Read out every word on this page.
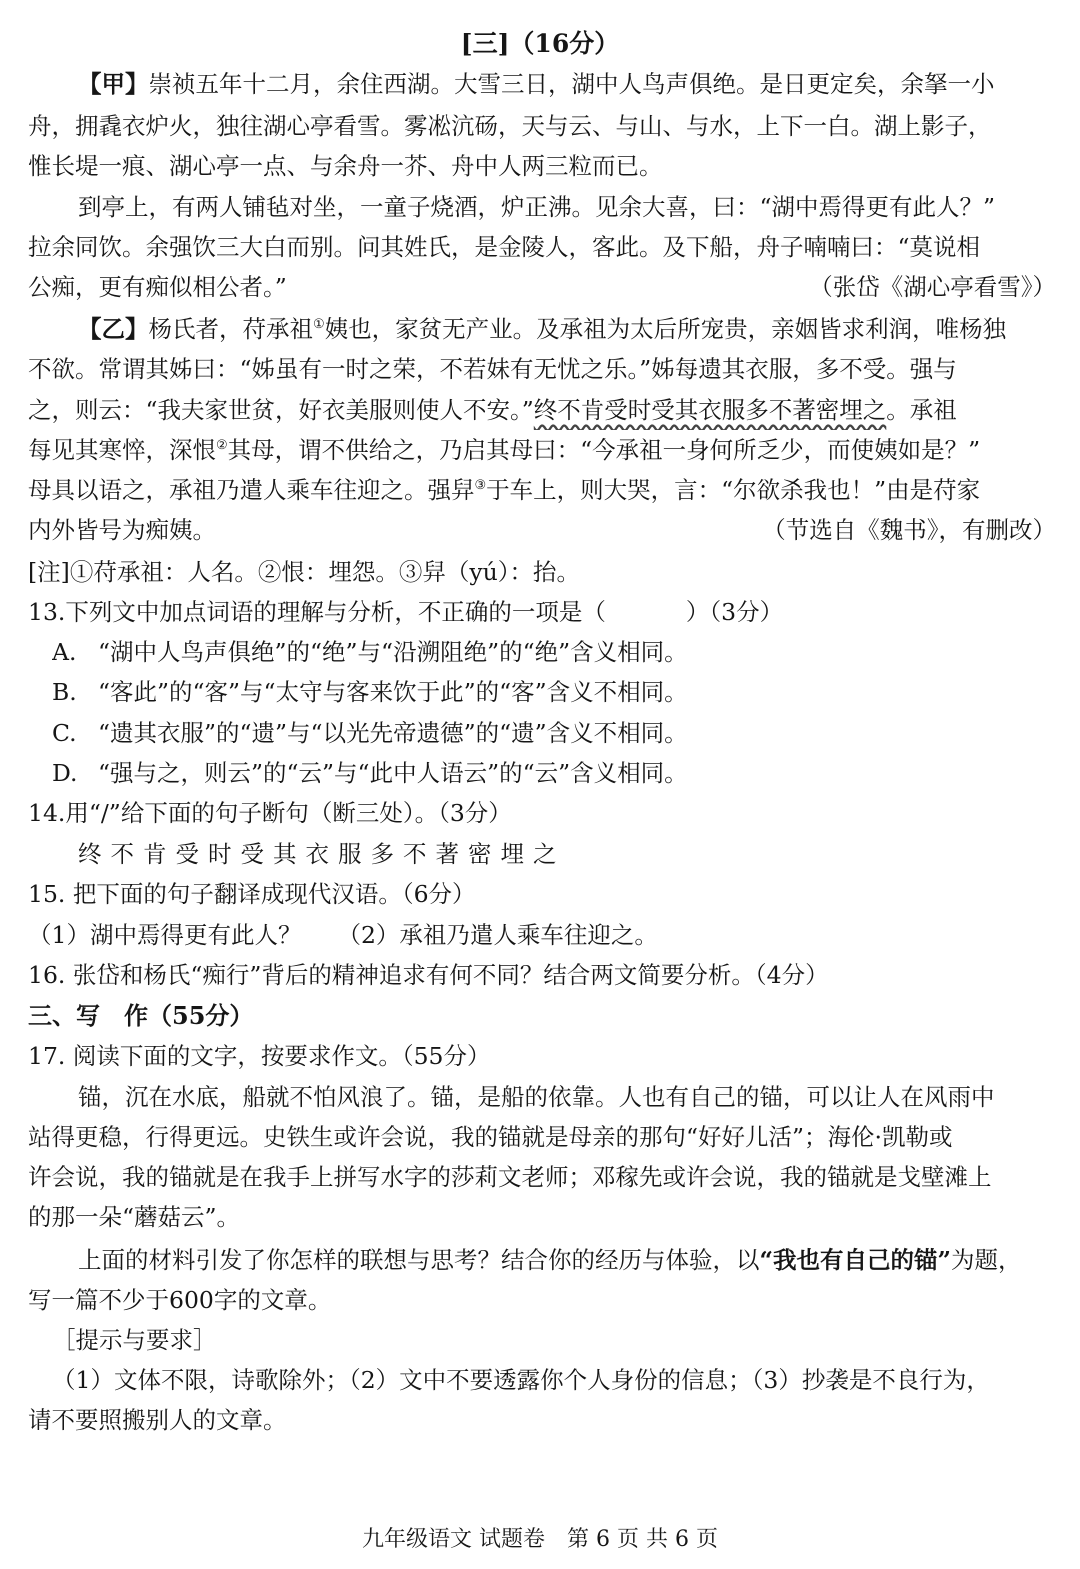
[三]（16分）
【甲】崇祯五年十二月，余住西湖。大雪三日，湖中人鸟声俱绝。是日更定矣，余拏一小
舟，拥毳衣炉火，独往湖心亭看雪。雾凇沆砀，天与云、与山、与水，上下一白。湖上影子，
惟长堤一痕、湖心亭一点、与余舟一芥、舟中人两三粒而已。
到亭上，有两人铺毡对坐，一童子烧酒，炉正沸。见余大喜，曰：“湖中焉得更有此人？”
拉余同饮。余强饮三大白而别。问其姓氏，是金陵人，客此。及下船，舟子喃喃曰：“莫说相
公痴，更有痴似相公者。”	（张岱《湖心亭看雪》）
【乙】杨氏者，苻承祖①姨也，家贫无产业。及承祖为太后所宠贵，亲姻皆求利润，唯杨独
不欲。常谓其姊曰：“姊虽有一时之荣，不若妹有无忧之乐。”姊每遗其衣服，多不受。强与
之，则云：“我夫家世贫，好衣美服则使人不安。”终不肯受时受其衣服多不著密埋之。承祖
每见其寒悴，深恨②其母，谓不供给之，乃启其母曰：“今承祖一身何所乏少，而使姨如是？”
母具以语之，承祖乃遣人乘车往迎之。强舁③于车上，则大哭，言：“尔欲杀我也！”由是苻家
内外皆号为痴姨。	（节选自《魏书》，有删改）
[注]①苻承祖：人名。②恨：埋怨。③舁（yú）：抬。
13.下列文中加点词语的理解与分析，不正确的一项是（	）（3分）
A. “湖中人鸟声俱绝”的“绝”与“沿溯阻绝”的“绝”含义相同。
B. “客此”的“客”与“太守与客来饮于此”的“客”含义不相同。
C. “遗其衣服”的“遗”与“以光先帝遗德”的“遗”含义不相同。
D. “强与之，则云”的“云”与“此中人语云”的“云”含义相同。
14.用“/”给下面的句子断句（断三处）。（3分）
终不肯受时受其衣服多不著密埋之
15. 把下面的句子翻译成现代汉语。（6分）
（1）湖中焉得更有此人？ （2）承祖乃遣人乘车往迎之。
16. 张岱和杨氏“痴行”背后的精神追求有何不同？结合两文简要分析。（4分）
三、写　作（55分）
17. 阅读下面的文字，按要求作文。（55分）
锚，沉在水底，船就不怕风浪了。锚，是船的依靠。人也有自己的锚，可以让人在风雨中
站得更稳，行得更远。史铁生或许会说，我的锚就是母亲的那句“好好儿活”；海伦·凯勒或
许会说，我的锚就是在我手上拼写水字的莎莉文老师；邓稼先或许会说，我的锚就是戈壁滩上
的那一朵“蘑菇云”。
上面的材料引发了你怎样的联想与思考？结合你的经历与体验，以“我也有自己的锚”为题，
写一篇不少于600字的文章。
［提示与要求］
（1）文体不限，诗歌除外；（2）文中不要透露你个人身份的信息；（3）抄袭是不良行为，
请不要照搬别人的文章。
九年级语文 试题卷　第 6 页 共 6 页
